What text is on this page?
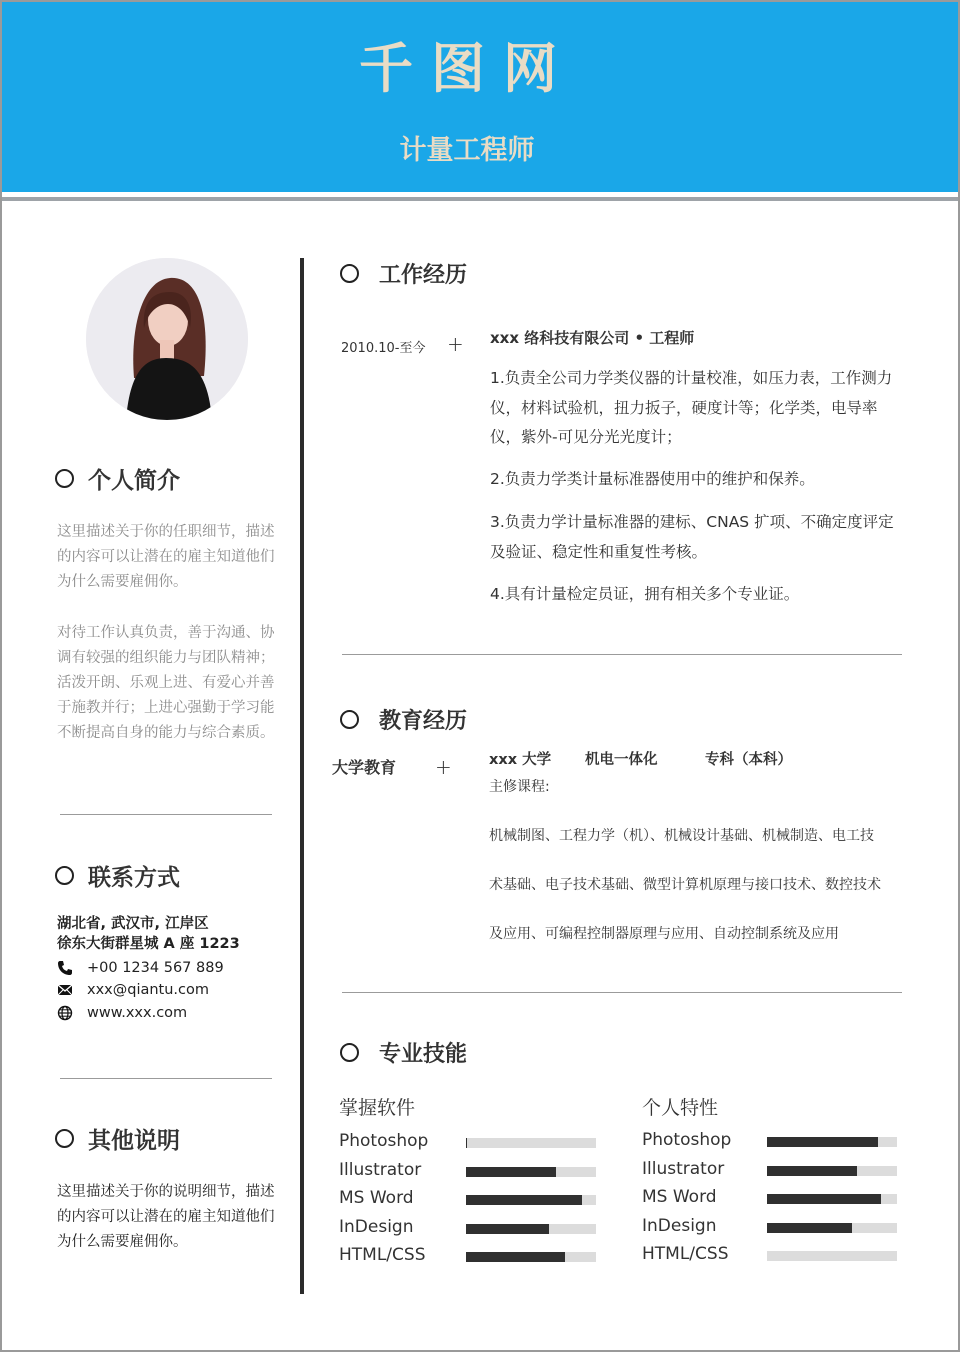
千图网
计量工程师
个人简介
这里描述关于你的任职细节，描述的内容可以让潜在的雇主知道他们为什么需要雇佣你。
对待工作认真负责，善于沟通、协调有较强的组织能力与团队精神；活泼开朗、乐观上进、有爱心并善于施教并行；上进心强勤于学习能不断提高自身的能力与综合素质。
联系方式
湖北省, 武汉市, 江岸区
徐东大街群星城 A 座 1223
+00 1234 567 889
xxx@qiantu.com
www.xxx.com
其他说明
这里描述关于你的说明细节，描述的内容可以让潜在的雇主知道他们为什么需要雇佣你。
工作经历
2010.10-至今 + xxx 络科技有限公司 • 工程师
1.负责全公司力学类仪器的计量校准，如压力表，工作测力仪，材料试验机，扭力扳子，硬度计等；化学类，电导率仪，紫外-可见分光光度计；
2.负责力学类计量标准器使用中的维护和保养。
3.负责力学计量标准器的建标、CNAS 扩项、不确定度评定及验证、稳定性和重复性考核。
4.具有计量检定员证，拥有相关多个专业证。
教育经历
大学教育 +	xxx 大学 机电一体化	专科（本科）
主修课程:
机械制图、工程力学（机）、机械设计基础、机械制造、电工技
术基础、电子技术基础、微型计算机原理与接口技术、数控技术
及应用、可编程控制器原理与应用、自动控制系统及应用
专业技能
掌握软件	个人特性
Photoshop
Illustrator
MS Word
InDesign
HTML/CSS
Photoshop
Illustrator
MS Word
InDesign
HTML/CSS
